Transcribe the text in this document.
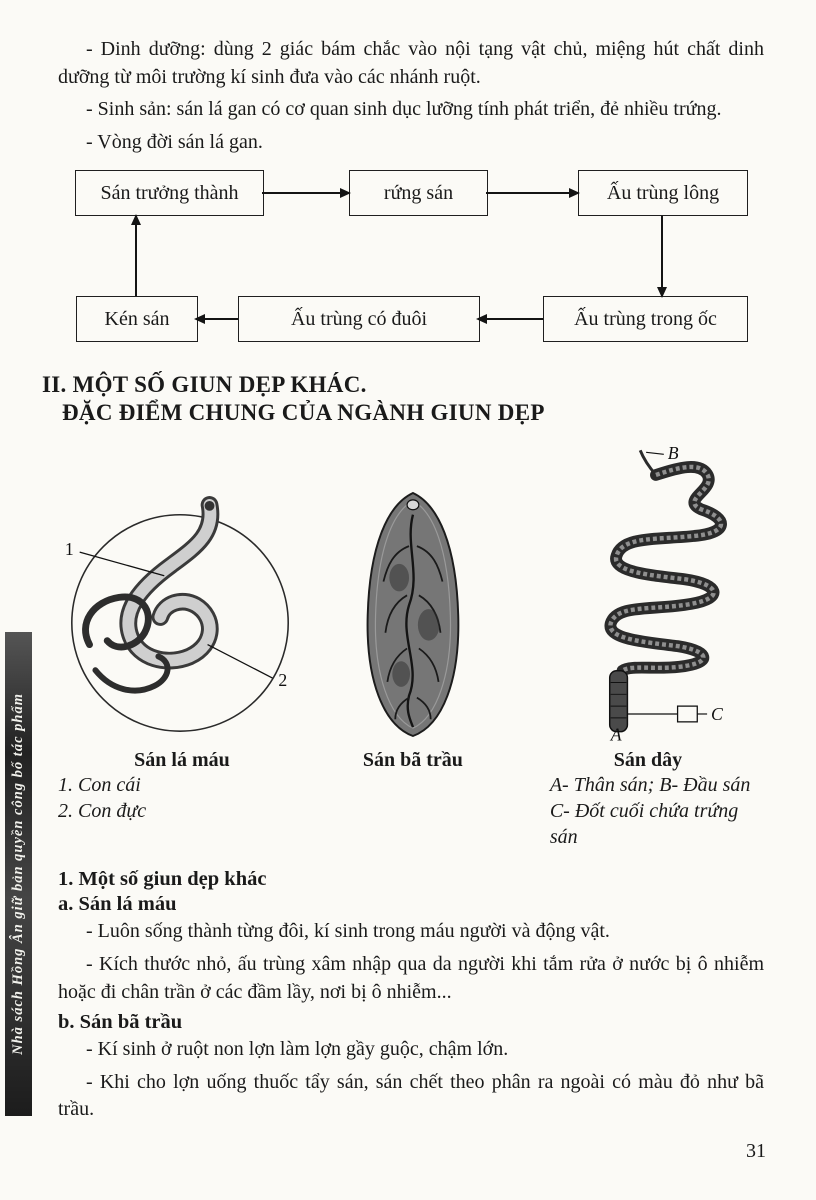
Nhà sách Hồng Ân giữ bản quyền công bố tác phẩm

- Dinh dưỡng: dùng 2 giác bám chắc vào nội tạng vật chủ, miệng hút chất dinh dưỡng từ môi trường kí sinh đưa vào các nhánh ruột.

- Sinh sản: sán lá gan có cơ quan sinh dục lưỡng tính phát triển, đẻ nhiều trứng.

- Vòng đời sán lá gan.

Sán trưởng thành	rứng sán	Ấu trùng lông
Kén sán	Ấu trùng có đuôi	Ấu trùng trong ốc
II. MỘT SỐ GIUN DẸP KHÁC.
ĐẶC ĐIỂM CHUNG CỦA NGÀNH GIUN DẸP
1
2
B
C
A
Sán lá máu
1. Con cái
2. Con đực
Sán bã trầu	Sán dây
A- Thân sán; B- Đầu sán
C- Đốt cuối chứa trứng sán
1. Một số giun dẹp khác
a. Sán lá máu

- Luôn sống thành từng đôi, kí sinh trong máu người và động vật.

- Kích thước nhỏ, ấu trùng xâm nhập qua da người khi tắm rửa ở nước bị ô nhiễm hoặc đi chân trần ở các đầm lầy, nơi bị ô nhiễm...

b. Sán bã trầu

- Kí sinh ở ruột non lợn làm lợn gầy guộc, chậm lớn.

- Khi cho lợn uống thuốc tẩy sán, sán chết theo phân ra ngoài có màu đỏ như bã trầu.

31
